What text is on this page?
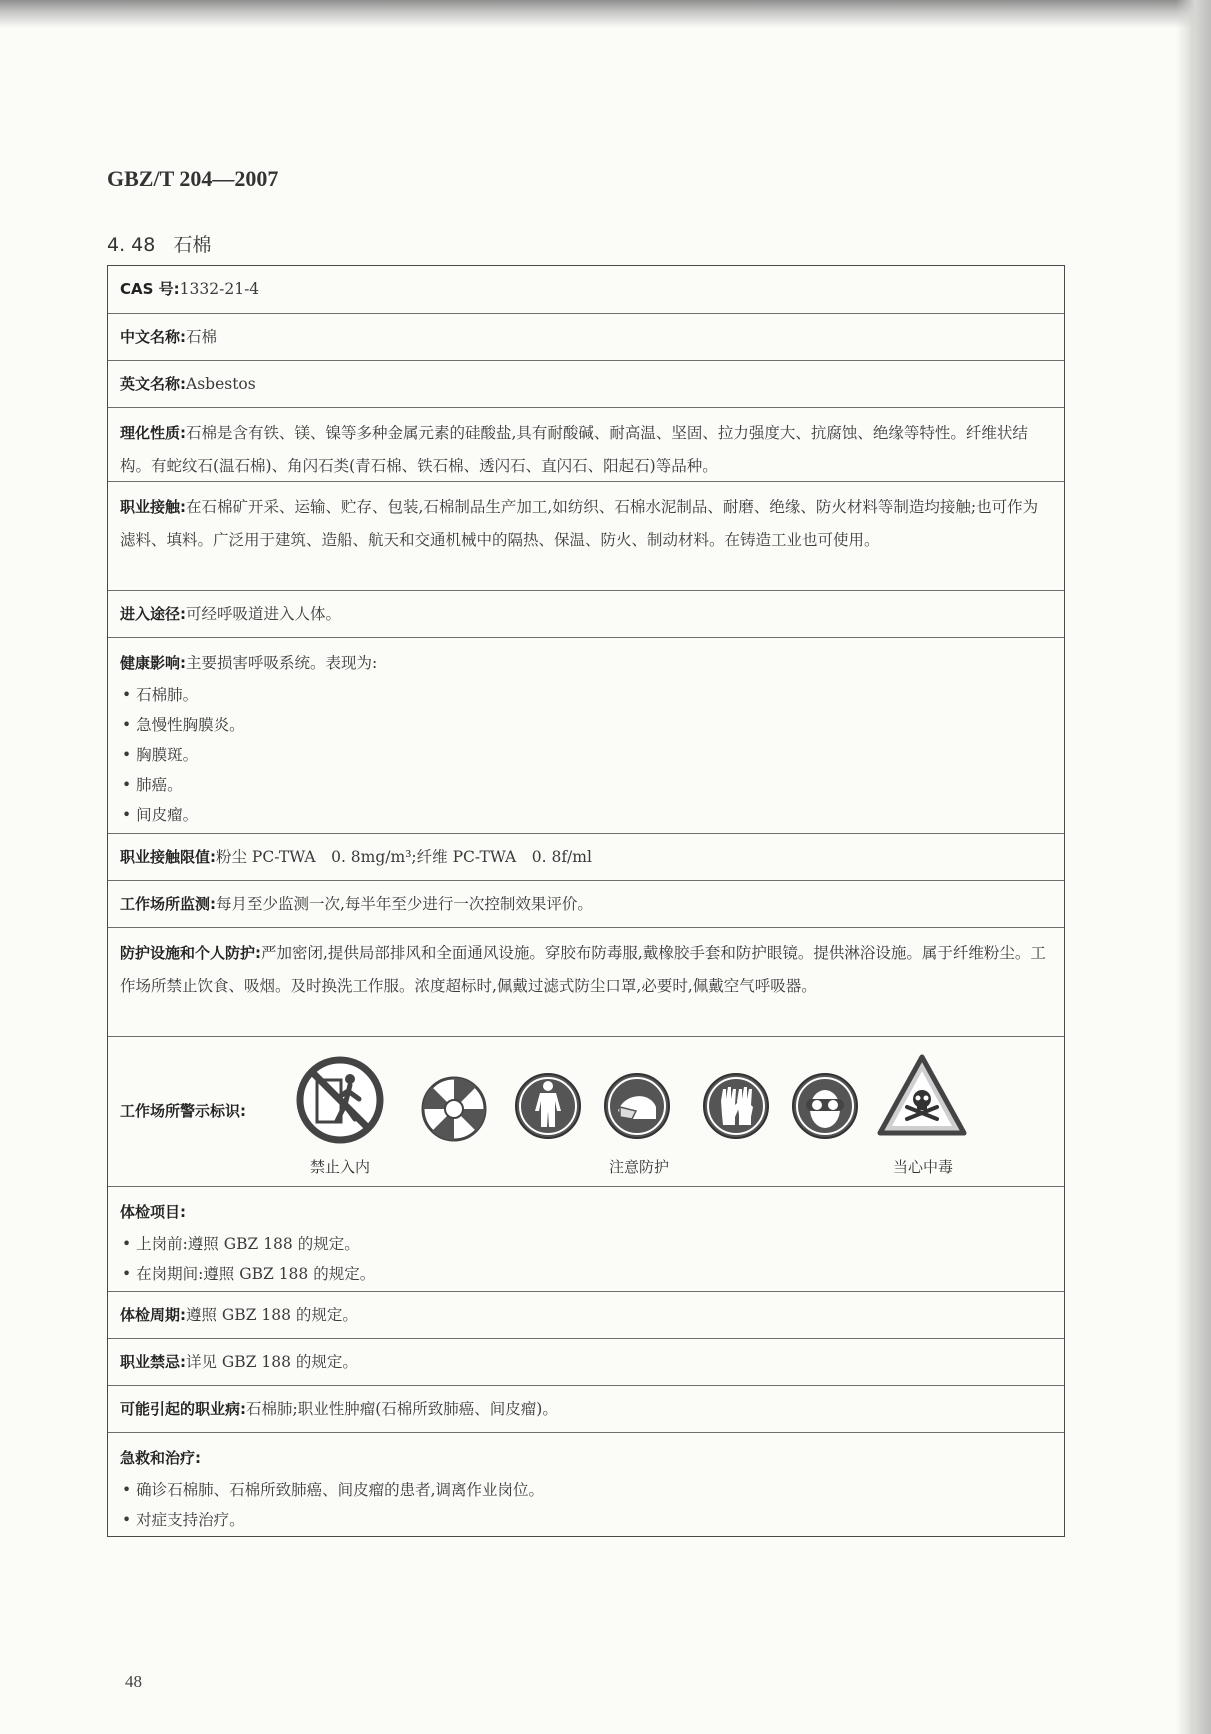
GBZ/T 204—2007
4. 48 石棉
CAS 号: 1332-21-4
中文名称: 石棉
英文名称: Asbestos
理化性质:石棉是含有铁、镁、镍等多种金属元素的硅酸盐,具有耐酸碱、耐高温、坚固、拉力强度大、抗腐蚀、绝缘等特性。纤维状结构。有蛇纹石(温石棉)、角闪石类(青石棉、铁石棉、透闪石、直闪石、阳起石)等品种。
职业接触:在石棉矿开采、运输、贮存、包装,石棉制品生产加工,如纺织、石棉水泥制品、耐磨、绝缘、防火材料等制造均接触;也可作为滤料、填料。广泛用于建筑、造船、航天和交通机械中的隔热、保温、防火、制动材料。在铸造工业也可使用。
进入途径: 可经呼吸道进入人体。
健康影响:主要损害呼吸系统。表现为:
• 石棉肺。
• 急慢性胸膜炎。
• 胸膜斑。
• 肺癌。
• 间皮瘤。
职业接触限值: 粉尘 PC-TWA　0. 8mg/m³;纤维 PC-TWA　0. 8f/ml
工作场所监测: 每月至少监测一次,每半年至少进行一次控制效果评价。
防护设施和个人防护:严加密闭,提供局部排风和全面通风设施。穿胶布防毒服,戴橡胶手套和防护眼镜。提供淋浴设施。属于纤维粉尘。工作场所禁止饮食、吸烟。及时换洗工作服。浓度超标时,佩戴过滤式防尘口罩,必要时,佩戴空气呼吸器。
工作场所警示标识:
禁止入内	注意防护	当心中毒
体检项目:
• 上岗前:遵照 GBZ 188 的规定。
• 在岗期间:遵照 GBZ 188 的规定。
体检周期: 遵照 GBZ 188 的规定。
职业禁忌: 详见 GBZ 188 的规定。
可能引起的职业病: 石棉肺;职业性肿瘤(石棉所致肺癌、间皮瘤)。
急救和治疗:
• 确诊石棉肺、石棉所致肺癌、间皮瘤的患者,调离作业岗位。
• 对症支持治疗。
48
